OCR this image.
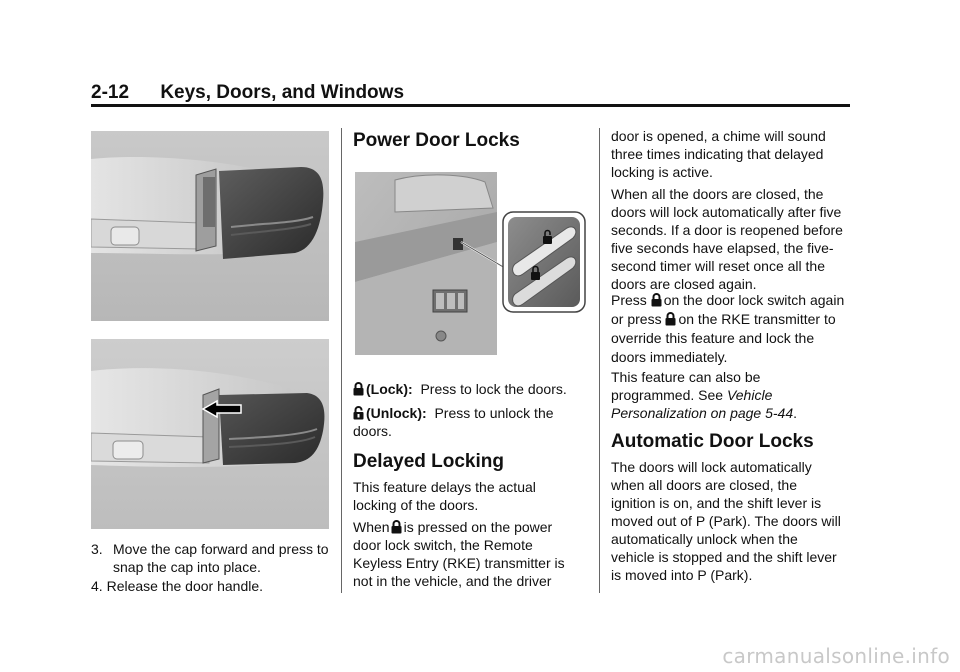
2-12 Keys, Doors, and Windows
3. Move the cap forward and press to snap the cap into place.
4. Release the door handle.
Power Door Locks
(Lock): Press to lock the doors.
(Unlock): Press to unlock the doors.
Delayed Locking
This feature delays the actual locking of the doors.
When is pressed on the power door lock switch, the Remote Keyless Entry (RKE) transmitter is not in the vehicle, and the driver
door is opened, a chime will sound three times indicating that delayed locking is active.
When all the doors are closed, the doors will lock automatically after five seconds. If a door is reopened before five seconds have elapsed, the five-second timer will reset once all the doors are closed again.
Press on the door lock switch again or press on the RKE transmitter to override this feature and lock the doors immediately.
This feature can also be programmed. See Vehicle Personalization on page 5-44.
Automatic Door Locks
The doors will lock automatically when all doors are closed, the ignition is on, and the shift lever is moved out of P (Park). The doors will automatically unlock when the vehicle is stopped and the shift lever is moved into P (Park).
carmanualsonline.info
